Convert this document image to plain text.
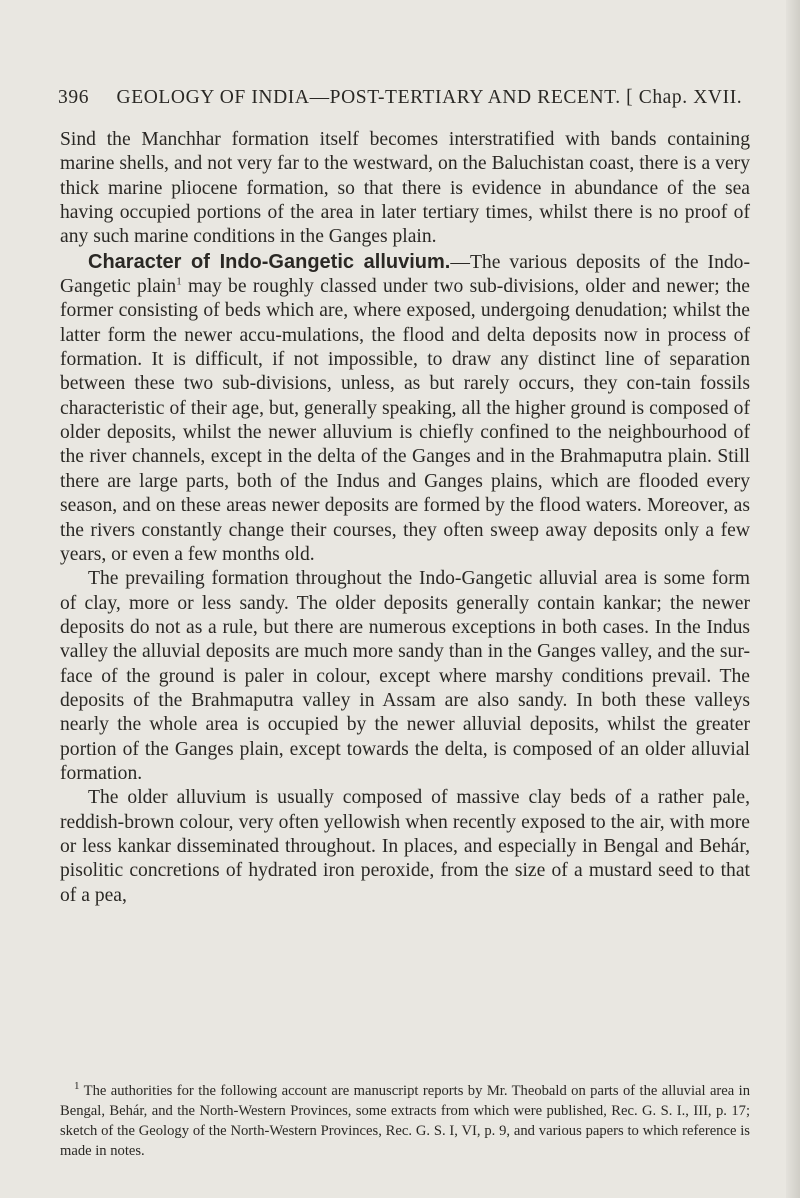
396 GEOLOGY OF INDIA—POST-TERTIARY AND RECENT. [ Chap. XVII.

Sind the Manchhar formation itself becomes interstratified with bands containing marine shells, and not very far to the westward, on the Baluchistan coast, there is a very thick marine pliocene formation, so that there is evidence in abundance of the sea having occupied portions of the area in later tertiary times, whilst there is no proof of any such marine conditions in the Ganges plain.

Character of Indo-Gangetic alluvium.—The various deposits of the Indo-Gangetic plain$^1$ may be roughly classed under two sub-divisions, older and newer; the former consisting of beds which are, where exposed, undergoing denudation; whilst the latter form the newer accu-mulations, the flood and delta deposits now in process of formation. It is difficult, if not impossible, to draw any distinct line of separation between these two sub-divisions, unless, as but rarely occurs, they con-tain fossils characteristic of their age, but, generally speaking, all the higher ground is composed of older deposits, whilst the newer alluvium is chiefly confined to the neighbourhood of the river channels, except in the delta of the Ganges and in the Brahmaputra plain. Still there are large parts, both of the Indus and Ganges plains, which are flooded every season, and on these areas newer deposits are formed by the flood waters. Moreover, as the rivers constantly change their courses, they often sweep away deposits only a few years, or even a few months old.

The prevailing formation throughout the Indo-Gangetic alluvial area is some form of clay, more or less sandy. The older deposits generally contain kankar; the newer deposits do not as a rule, but there are numerous exceptions in both cases. In the Indus valley the alluvial deposits are much more sandy than in the Ganges valley, and the sur-face of the ground is paler in colour, except where marshy conditions prevail. The deposits of the Brahmaputra valley in Assam are also sandy. In both these valleys nearly the whole area is occupied by the newer alluvial deposits, whilst the greater portion of the Ganges plain, except towards the delta, is composed of an older alluvial formation.

The older alluvium is usually composed of massive clay beds of a rather pale, reddish-brown colour, very often yellowish when recently exposed to the air, with more or less kankar disseminated throughout. In places, and especially in Bengal and Behár, pisolitic concretions of hydrated iron peroxide, from the size of a mustard seed to that of a pea,

$^1$ The authorities for the following account are manuscript reports by Mr. Theobald on parts of the alluvial area in Bengal, Behár, and the North-Western Provinces, some extracts from which were published, Rec. G. S. I., III, p. 17; sketch of the Geology of the North-Western Provinces, Rec. G. S. I, VI, p. 9, and various papers to which reference is made in notes.
